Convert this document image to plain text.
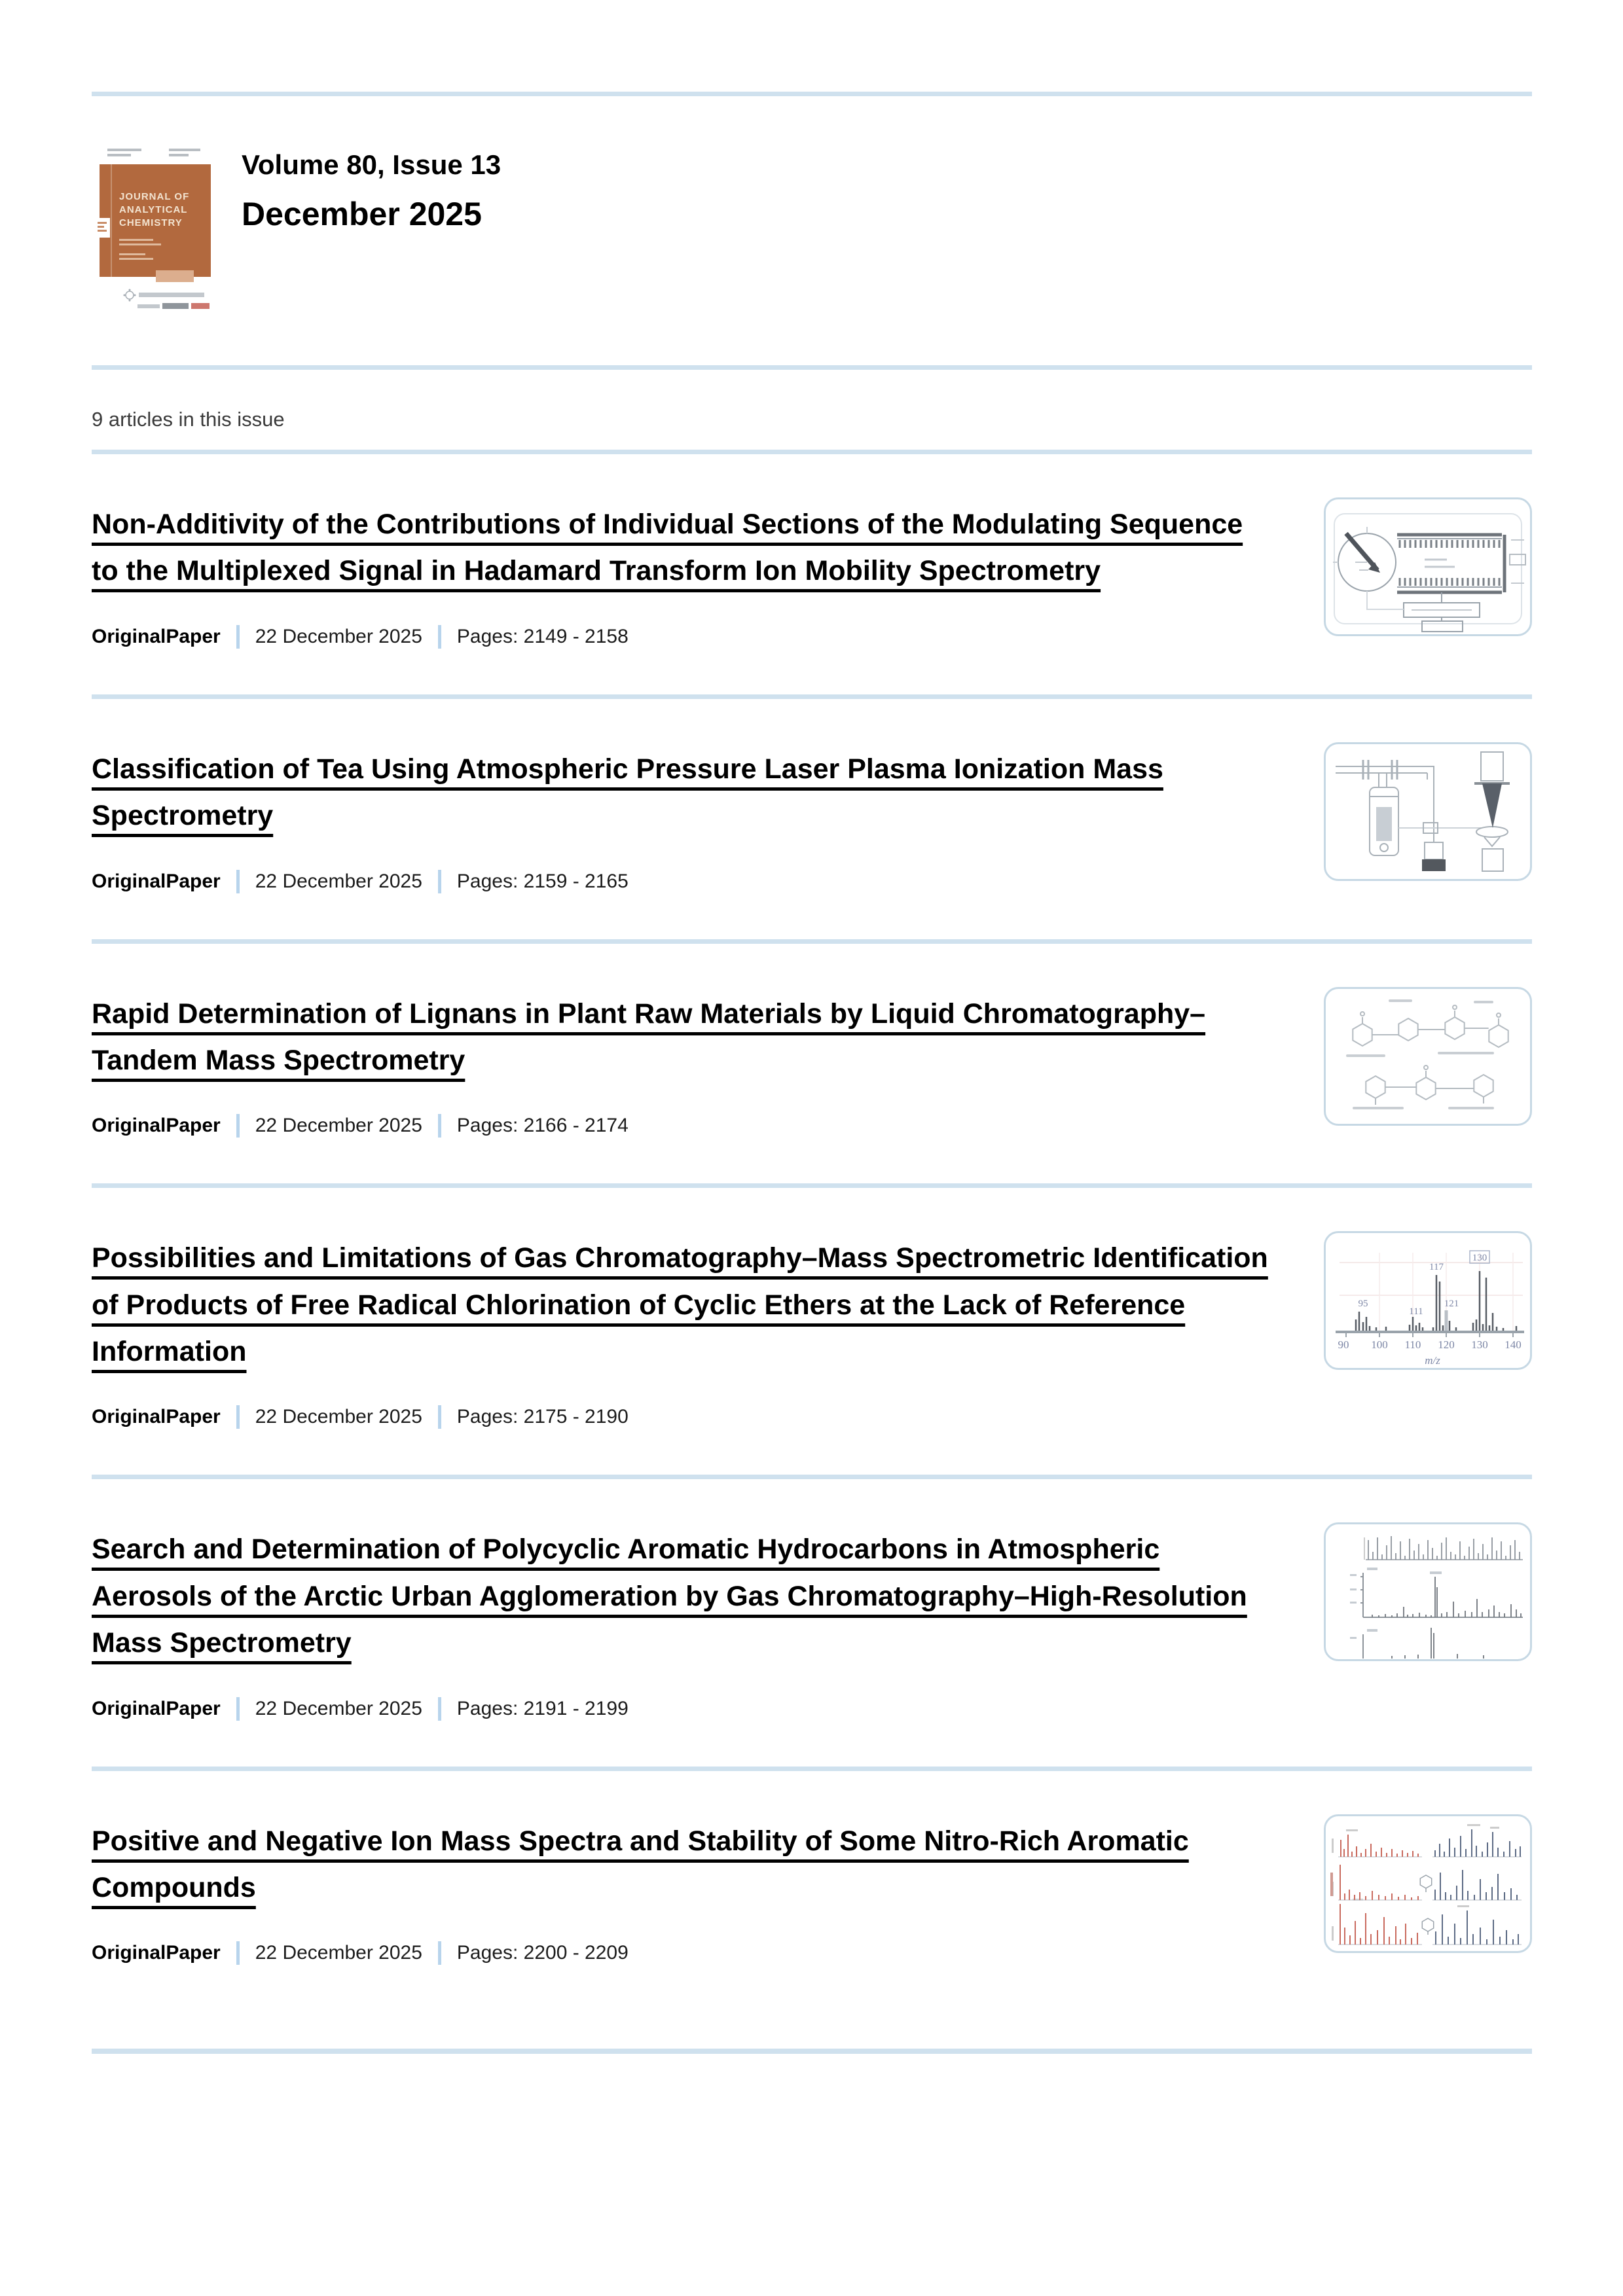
JOURNAL OF
ANALYTICAL
CHEMISTRY
Volume 80, Issue 13
December 2025
9 articles in this issue
Non-Additivity of the Contributions of Individual Sections of the Modulating Sequence to the Multiplexed Signal in Hadamard Transform Ion Mobility Spectrometry
OriginalPaper 22 December 2025 Pages: 2149 - 2158
Classification of Tea Using Atmospheric Pressure Laser Plasma Ionization Mass Spectrometry
OriginalPaper 22 December 2025 Pages: 2159 - 2165
Rapid Determination of Lignans in Plant Raw Materials by Liquid Chromatography–Tandem Mass Spectrometry
OriginalPaper 22 December 2025 Pages: 2166 - 2174
Possibilities and Limitations of Gas Chromatography–Mass Spectrometric Identification of Products of Free Radical Chlorination of Cyclic Ethers at the Lack of Reference Information
OriginalPaper 22 December 2025 Pages: 2175 - 2190
95
111
117
121
130
90 100 110 120 130 140
m/z
Search and Determination of Polycyclic Aromatic Hydrocarbons in Atmospheric Aerosols of the Arctic Urban Agglomeration by Gas Chromatography–High-Resolution Mass Spectrometry
OriginalPaper 22 December 2025 Pages: 2191 - 2199
Positive and Negative Ion Mass Spectra and Stability of Some Nitro-Rich Aromatic Compounds
OriginalPaper 22 December 2025 Pages: 2200 - 2209
